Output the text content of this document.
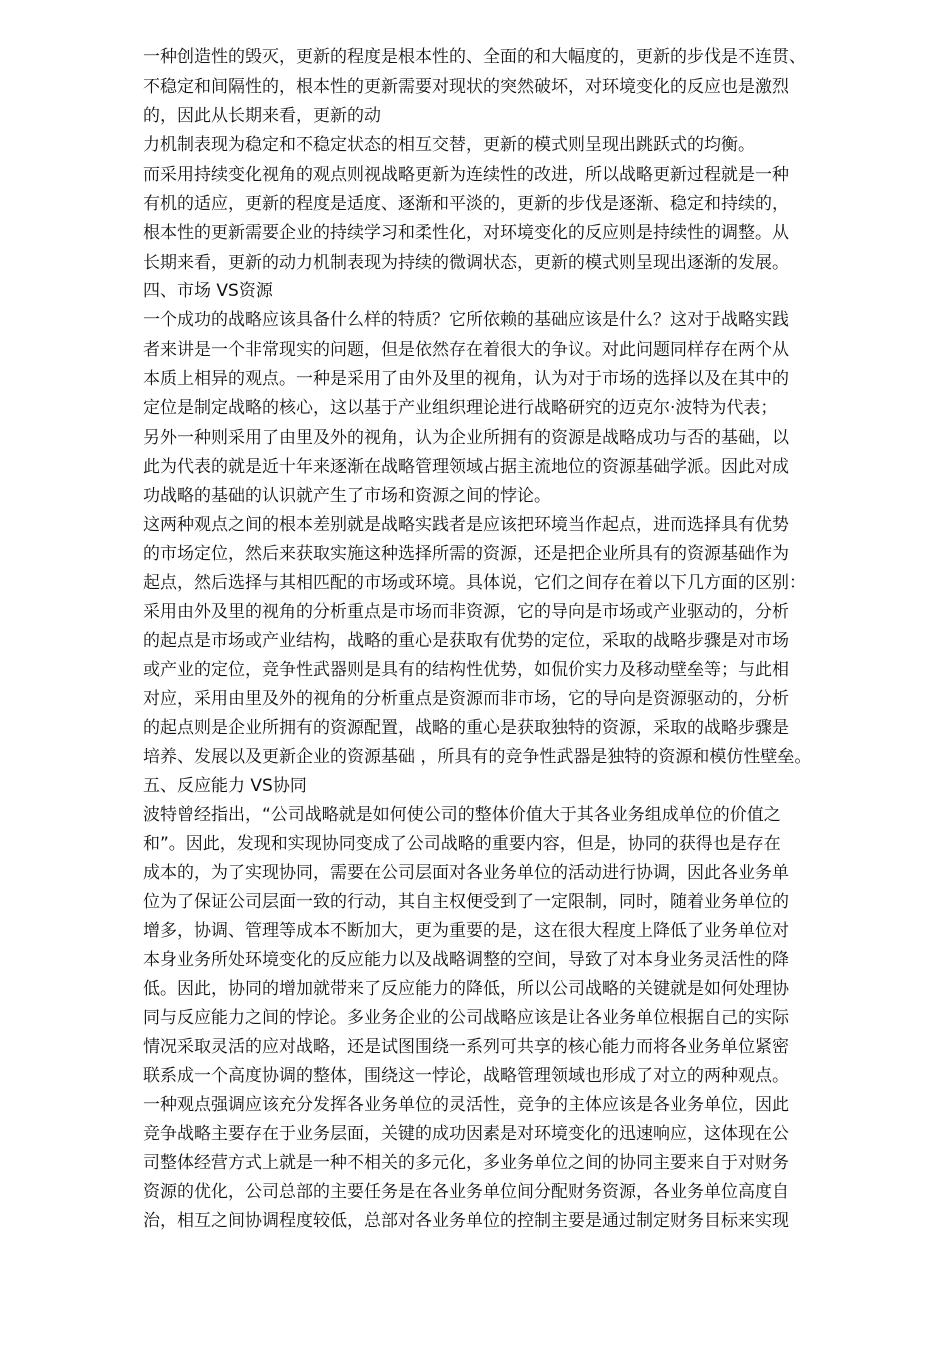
一种创造性的毁灭，更新的程度是根本性的、全面的和大幅度的，更新的步伐是不连贯、
不稳定和间隔性的，根本性的更新需要对现状的突然破坏，对环境变化的反应也是激烈
的，因此从长期来看，更新的动
力机制表现为稳定和不稳定状态的相互交替，更新的模式则呈现出跳跃式的均衡。
而采用持续变化视角的观点则视战略更新为连续性的改进，所以战略更新过程就是一种
有机的适应，更新的程度是适度、逐渐和平淡的，更新的步伐是逐渐、稳定和持续的，
根本性的更新需要企业的持续学习和柔性化，对环境变化的反应则是持续性的调整。从
长期来看，更新的动力机制表现为持续的微调状态，更新的模式则呈现出逐渐的发展。
四、市场 VS资源
一个成功的战略应该具备什么样的特质？它所依赖的基础应该是什么？这对于战略实践
者来讲是一个非常现实的问题，但是依然存在着很大的争议。对此问题同样存在两个从
本质上相异的观点。一种是采用了由外及里的视角，认为对于市场的选择以及在其中的
定位是制定战略的核心，这以基于产业组织理论进行战略研究的迈克尔·波特为代表；
另外一种则采用了由里及外的视角，认为企业所拥有的资源是战略成功与否的基础，以
此为代表的就是近十年来逐渐在战略管理领域占据主流地位的资源基础学派。因此对成
功战略的基础的认识就产生了市场和资源之间的悖论。
这两种观点之间的根本差别就是战略实践者是应该把环境当作起点，进而选择具有优势
的市场定位，然后来获取实施这种选择所需的资源，还是把企业所具有的资源基础作为
起点，然后选择与其相匹配的市场或环境。具体说，它们之间存在着以下几方面的区别：
采用由外及里的视角的分析重点是市场而非资源，它的导向是市场或产业驱动的，分析
的起点是市场或产业结构，战略的重心是获取有优势的定位，采取的战略步骤是对市场
或产业的定位，竞争性武器则是具有的结构性优势，如侃价实力及移动壁垒等；与此相
对应，采用由里及外的视角的分析重点是资源而非市场，它的导向是资源驱动的，分析
的起点则是企业所拥有的资源配置，战略的重心是获取独特的资源，采取的战略步骤是
培养、发展以及更新企业的资源基础 ，所具有的竞争性武器是独特的资源和模仿性壁垒。
五、反应能力 VS协同
波特曾经指出，“公司战略就是如何使公司的整体价值大于其各业务组成单位的价值之
和”。因此，发现和实现协同变成了公司战略的重要内容，但是，协同的获得也是存在
成本的，为了实现协同，需要在公司层面对各业务单位的活动进行协调，因此各业务单
位为了保证公司层面一致的行动，其自主权便受到了一定限制，同时，随着业务单位的
增多，协调、管理等成本不断加大，更为重要的是，这在很大程度上降低了业务单位对
本身业务所处环境变化的反应能力以及战略调整的空间，导致了对本身业务灵活性的降
低。因此，协同的增加就带来了反应能力的降低，所以公司战略的关键就是如何处理协
同与反应能力之间的悖论。多业务企业的公司战略应该是让各业务单位根据自己的实际
情况采取灵活的应对战略，还是试图围绕一系列可共享的核心能力而将各业务单位紧密
联系成一个高度协调的整体，围绕这一悖论，战略管理领域也形成了对立的两种观点。
一种观点强调应该充分发挥各业务单位的灵活性，竞争的主体应该是各业务单位，因此
竞争战略主要存在于业务层面，关键的成功因素是对环境变化的迅速响应，这体现在公
司整体经营方式上就是一种不相关的多元化，多业务单位之间的协同主要来自于对财务
资源的优化，公司总部的主要任务是在各业务单位间分配财务资源，各业务单位高度自
治，相互之间协调程度较低，总部对各业务单位的控制主要是通过制定财务目标来实现
